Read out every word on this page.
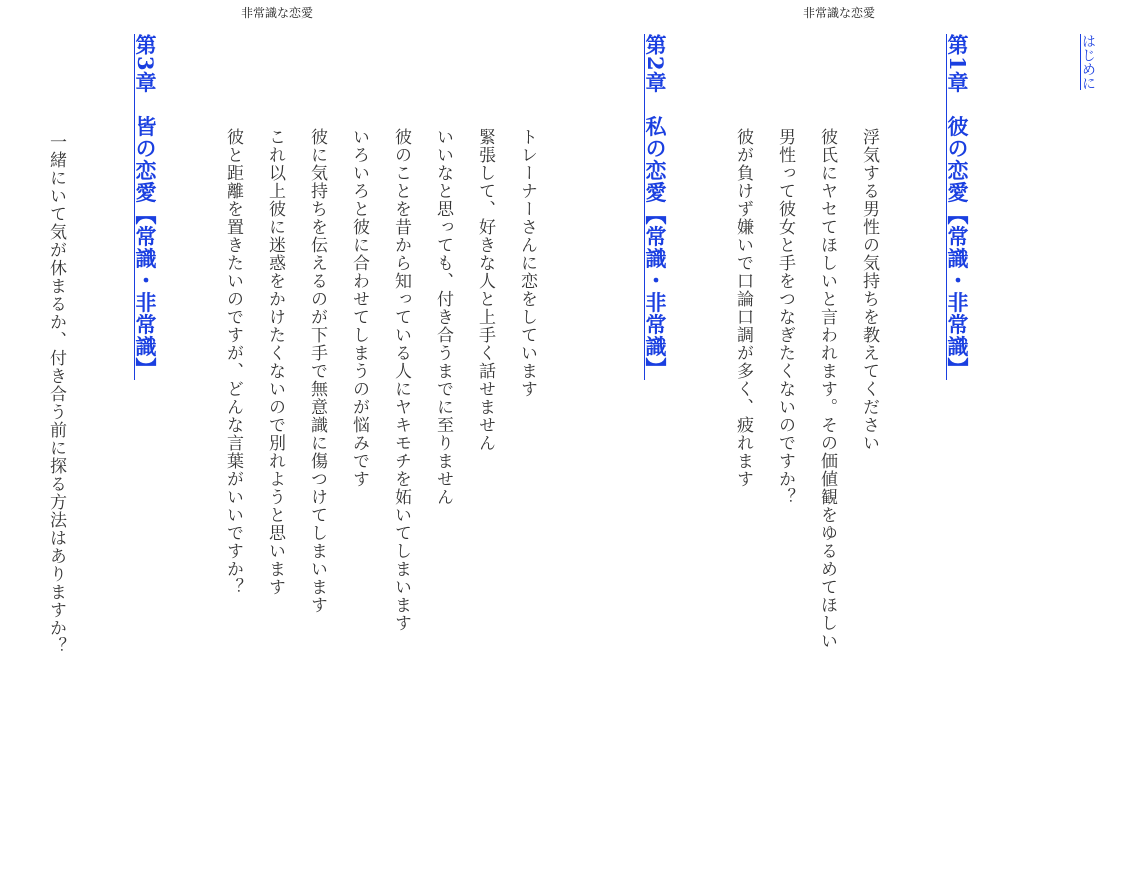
非常識な恋愛	非常識な恋愛
はじめに
第1章　彼の恋愛【常識・非常識】
浮気する男性の気持ちを教えてください
彼氏にヤセてほしいと言われます。その価値観をゆるめてほしい
男性って彼女と手をつなぎたくないのですか？
彼が負けず嫌いで口論口調が多く、疲れます
第2章　私の恋愛【常識・非常識】
トレーナーさんに恋をしています
緊張して、好きな人と上手く話せません
いいなと思っても、付き合うまでに至りません
彼のことを昔から知っている人にヤキモチを妬いてしまいます
いろいろと彼に合わせてしまうのが悩みです
彼に気持ちを伝えるのが下手で無意識に傷つけてしまいます
これ以上彼に迷惑をかけたくないので別れようと思います
彼と距離を置きたいのですが、どんな言葉がいいですか？
第3章　皆の恋愛【常識・非常識】
一緒にいて気が休まるか、付き合う前に探る方法はありますか？
